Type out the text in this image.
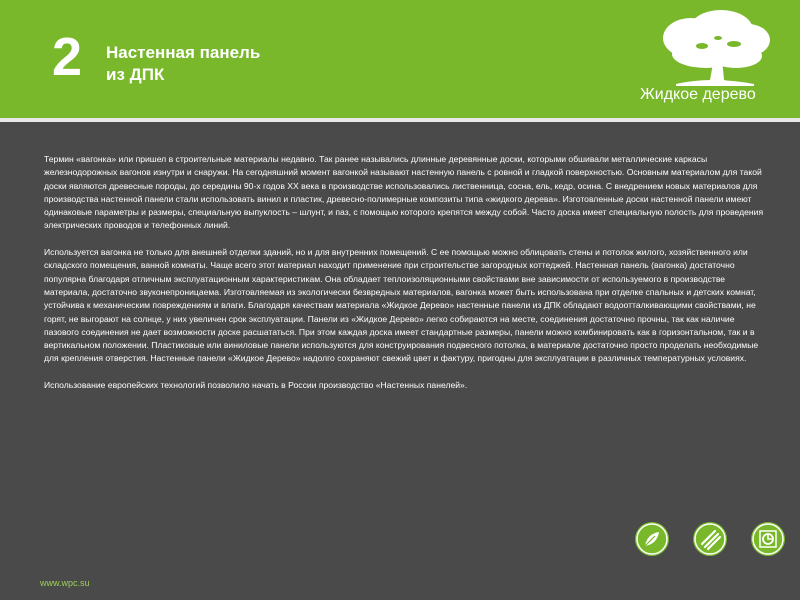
2 Настенная панель
из ДПК
Жидкое дерево

Термин «вагонка» или пришел в строительные материалы недавно. Так ранее назывались длинные деревянные доски, которыми обшивали металлические каркасы железнодорожных вагонов изнутри и снаружи. На сегодняшний момент вагонкой называют настенную панель с ровной и гладкой поверхностью. Основным материалом для такой доски являются древесные породы, до середины 90-х годов XX века в производстве использовались лиственница, сосна, ель, кедр, осина. С внедрением новых материалов для производства настенной панели стали использовать винил и пластик, древесно-полимерные композиты типа «жидкого дерева». Изготовленные доски настенной панели имеют одинаковые параметры и размеры, специальную выпуклость – шлунт, и паз, с помощью которого крепятся между собой. Часто доска имеет специальную полость для проведения электрических проводов и телефонных линий.

Используется вагонка не только для внешней отделки зданий, но и для внутренних помещений. С ее помощью можно облицовать стены и потолок жилого, хозяйственного или складского помещения, ванной комнаты. Чаще всего этот материал находит применение при строительстве загородных коттеджей. Настенная панель (вагонка) достаточно популярна благодаря отличным эксплуатационным характеристикам. Она обладает теплоизоляционными свойствами вне зависимости от используемого в производстве материала, достаточно звуконепроницаема. Изготовляемая из экологически безвредных материалов, вагонка может быть использована при отделке спальных и детских комнат, устойчива к механическим повреждениям и влаги. Благодаря качествам материала «Жидкое Дерево» настенные панели из ДПК обладают водоотталкивающими свойствами, не горят, не выгорают на солнце, у них увеличен срок эксплуатации. Панели из «Жидкое Дерево» легко собираются на месте, соединения достаточно прочны, так как наличие пазового соединения не дает возможности доске расшататься. При этом каждая доска имеет стандартные размеры, панели можно комбинировать как в горизонтальном, так и в вертикальном положении. Пластиковые или виниловые панели используются для конструирования подвесного потолка, в материале достаточно просто проделать необходимые для крепления отверстия. Настенные панели «Жидкое Дерево» надолго сохраняют свежий цвет и фактуру, пригодны для эксплуатации в различных температурных условиях.

Использование европейских технологий позволило начать в России производство «Настенных панелей».

www.wpc.su
